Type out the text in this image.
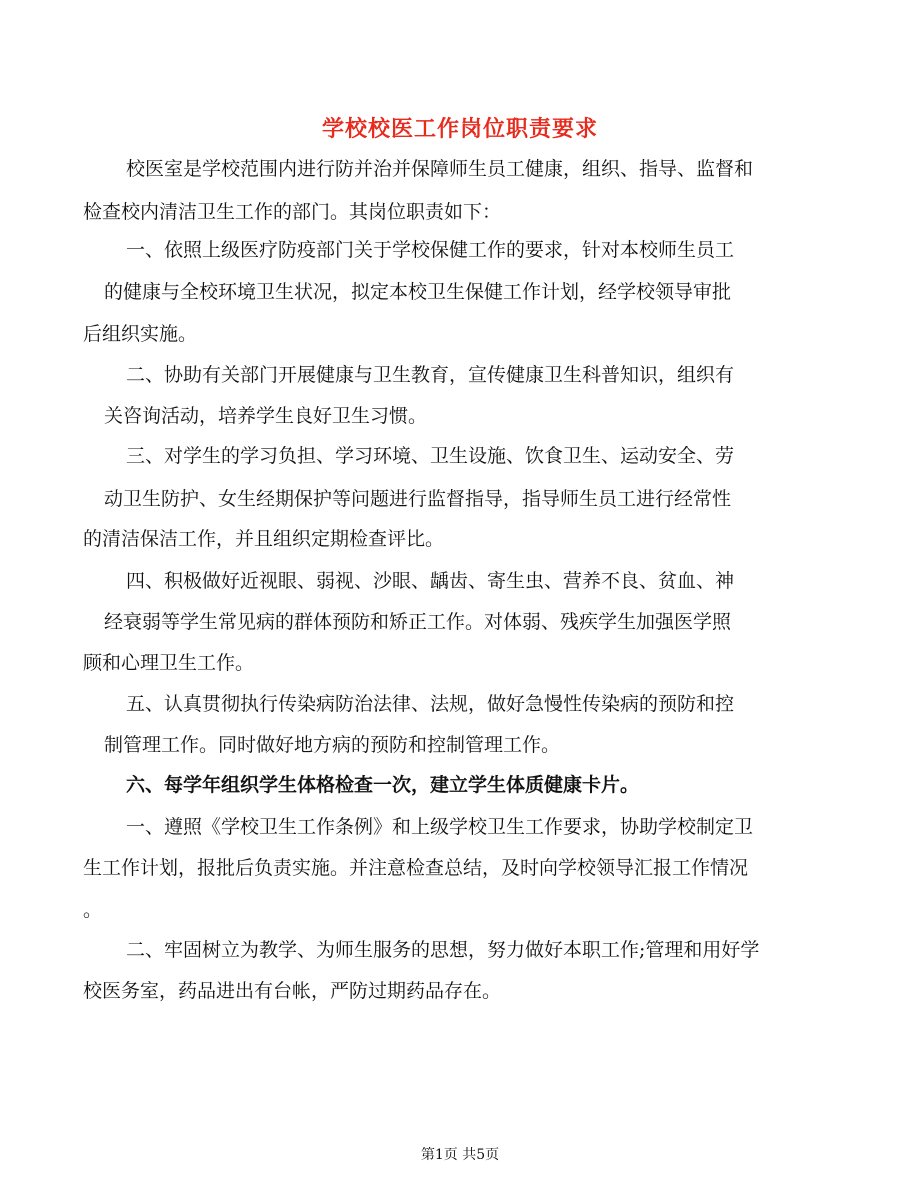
学校校医工作岗位职责要求
校医室是学校范围内进行防并治并保障师生员工健康，组织、指导、监督和
检查校内清洁卫生工作的部门。其岗位职责如下：
一、依照上级医疗防疫部门关于学校保健工作的要求，针对本校师生员工
的健康与全校环境卫生状况，拟定本校卫生保健工作计划，经学校领导审批
后组织实施。
二、协助有关部门开展健康与卫生教育，宣传健康卫生科普知识，组织有
关咨询活动，培养学生良好卫生习惯。
三、对学生的学习负担、学习环境、卫生设施、饮食卫生、运动安全、劳
动卫生防护、女生经期保护等问题进行监督指导，指导师生员工进行经常性
的清洁保洁工作，并且组织定期检查评比。
四、积极做好近视眼、弱视、沙眼、龋齿、寄生虫、营养不良、贫血、神
经衰弱等学生常见病的群体预防和矫正工作。对体弱、残疾学生加强医学照
顾和心理卫生工作。
五、认真贯彻执行传染病防治法律、法规，做好急慢性传染病的预防和控
制管理工作。同时做好地方病的预防和控制管理工作。
六、每学年组织学生体格检查一次，建立学生体质健康卡片。
一、遵照《学校卫生工作条例》和上级学校卫生工作要求，协助学校制定卫
生工作计划，报批后负责实施。并注意检查总结，及时向学校领导汇报工作情况
。
二、牢固树立为教学、为师生服务的思想，努力做好本职工作;管理和用好学
校医务室，药品进出有台帐，严防过期药品存在。
第1页 共5页
